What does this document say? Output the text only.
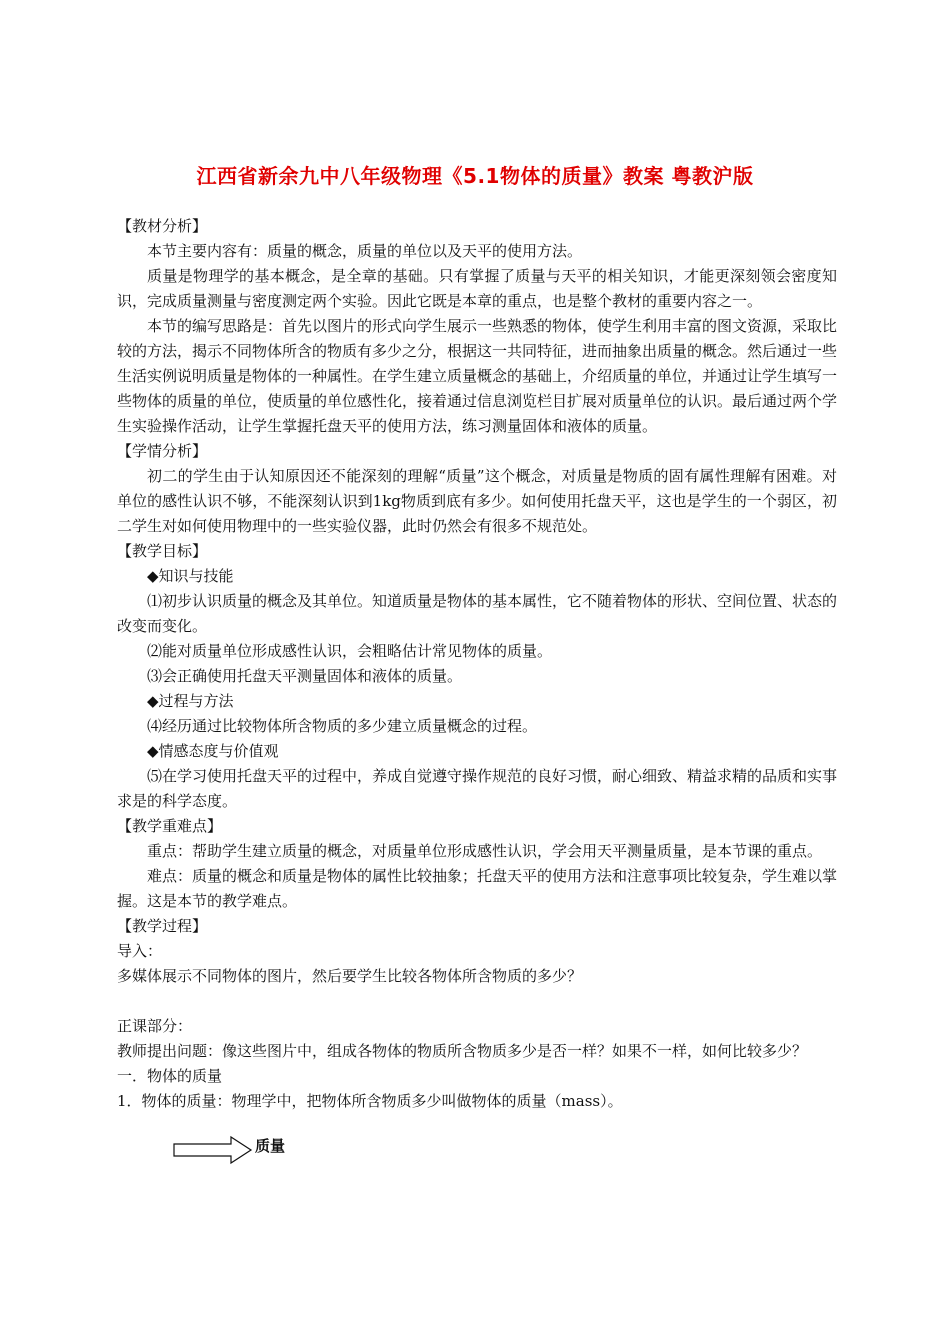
江西省新余九中八年级物理《5.1物体的质量》教案 粤教沪版

【教材分析】

本节主要内容有：质量的概念，质量的单位以及天平的使用方法。

质量是物理学的基本概念，是全章的基础。只有掌握了质量与天平的相关知识，才能更深刻领会密度知识，完成质量测量与密度测定两个实验。因此它既是本章的重点，也是整个教材的重要内容之一。

本节的编写思路是：首先以图片的形式向学生展示一些熟悉的物体，使学生利用丰富的图文资源，采取比较的方法，揭示不同物体所含的物质有多少之分，根据这一共同特征，进而抽象出质量的概念。然后通过一些生活实例说明质量是物体的一种属性。在学生建立质量概念的基础上，介绍质量的单位，并通过让学生填写一些物体的质量的单位，使质量的单位感性化，接着通过信息浏览栏目扩展对质量单位的认识。最后通过两个学生实验操作活动，让学生掌握托盘天平的使用方法，练习测量固体和液体的质量。

【学情分析】

初二的学生由于认知原因还不能深刻的理解“质量”这个概念，对质量是物质的固有属性理解有困难。对单位的感性认识不够，不能深刻认识到1kg物质到底有多少。如何使用托盘天平，这也是学生的一个弱区，初二学生对如何使用物理中的一些实验仪器，此时仍然会有很多不规范处。

【教学目标】

◆知识与技能

⑴初步认识质量的概念及其单位。知道质量是物体的基本属性，它不随着物体的形状、空间位置、状态的改变而变化。

⑵能对质量单位形成感性认识，会粗略估计常见物体的质量。

⑶会正确使用托盘天平测量固体和液体的质量。

◆过程与方法

⑷经历通过比较物体所含物质的多少建立质量概念的过程。

◆情感态度与价值观

⑸在学习使用托盘天平的过程中，养成自觉遵守操作规范的良好习惯，耐心细致、精益求精的品质和实事求是的科学态度。

【教学重难点】

重点：帮助学生建立质量的概念，对质量单位形成感性认识，学会用天平测量质量，是本节课的重点。

难点：质量的概念和质量是物体的属性比较抽象；托盘天平的使用方法和注意事项比较复杂，学生难以掌握。这是本节的教学难点。

【教学过程】

导入：

多媒体展示不同物体的图片，然后要学生比较各物体所含物质的多少？

正课部分：

教师提出问题：像这些图片中，组成各物体的物质所含物质多少是否一样？如果不一样，如何比较多少？

一．物体的质量

1．物体的质量：物理学中，把物体所含物质多少叫做物体的质量（mass）。

质量
